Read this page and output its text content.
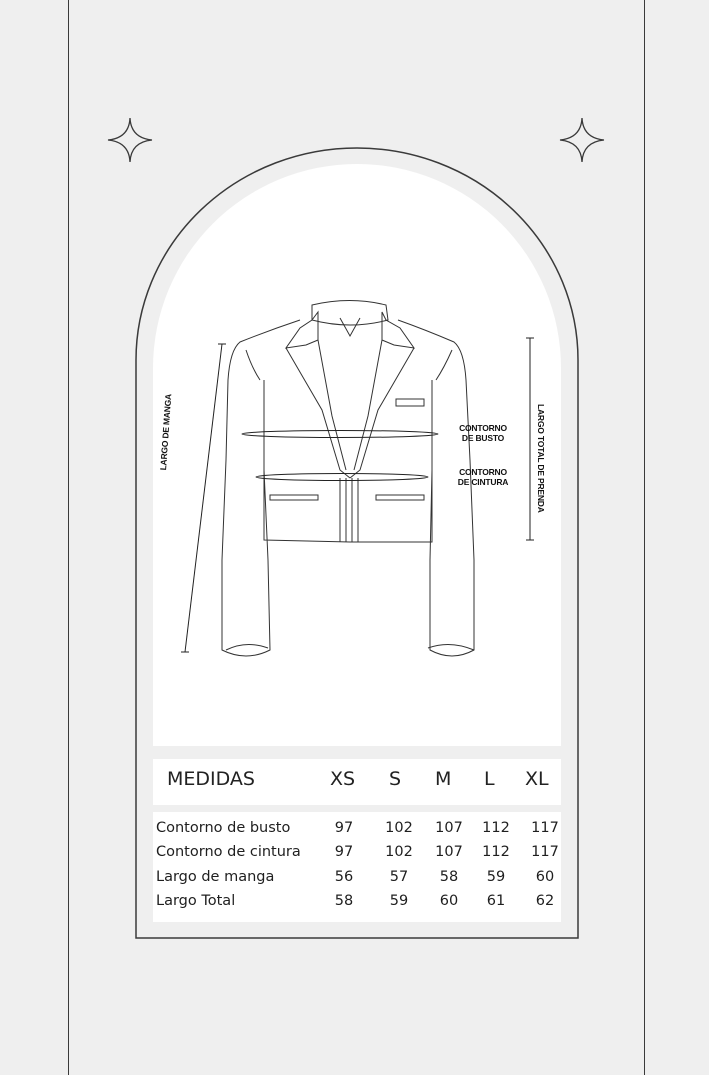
CONTORNO
DE BUSTO
CONTORNO
DE CINTURA
LARGO DE MANGA	LARGO TOTAL DE PRENDA
MEDIDAS	XS S M L XL
Contorno de busto	97	102	107	112	117
Contorno de cintura	97	102	107	112	117
Largo de manga	56	57	58	59	60
Largo Total	58	59	60	61	62
